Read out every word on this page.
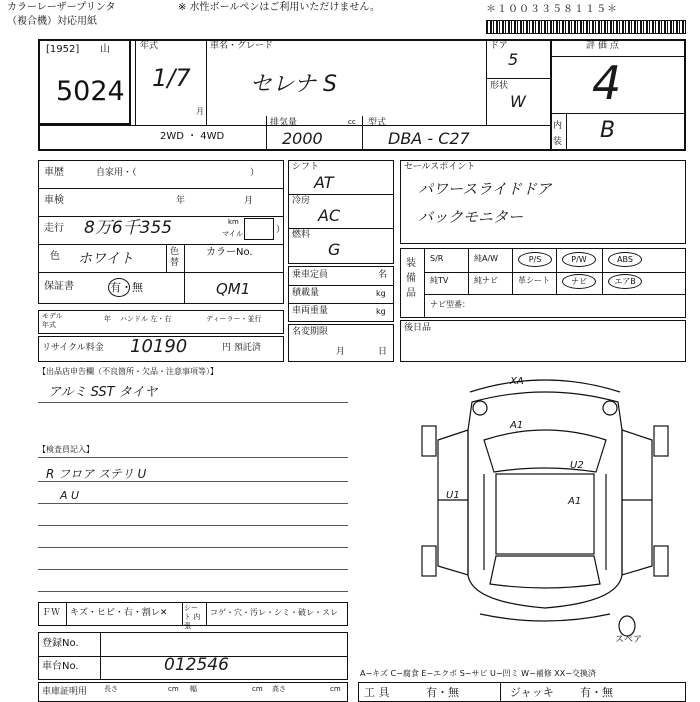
カラーレーザープリンタ
（複合機）対応用紙
※ 水性ボールペンはご利用いただけません。	＊１００３３５８１１５＊
[1952] 山
5024
年式
1/7
月
車名・グレード
セレナ S
ドア
5
形状
W
評 価 点
4
内装 B
2WD ・ 4WD
排気量	cc
2000
型式
DBA - C27
車歴	自家用・（	）
車検	年	月
走行 8万6千355	km
マイル	）
色 ホワイト	色替
カラーNo.
QM1
保証書	有・無
モデル年式
年 ハンドル 左・右	ディーラー・並行
リサイクル料金 10190	円 預託済
シフト
AT
冷房
AC
燃料
G
乗車定員	名
積載量	kg
車両重量	kg
名変期限
月	日
セールスポイント
パワースライドドア
バックモニター
装備品
S/R	純A/W	P/S	P/W	ABS
純TV	純ナビ	革シート	ナビ	エアB
ナビ型番：
後日品
【出品店申告欄（不良箇所・欠品・注意事項等）】
アルミ SST タイヤ
【検査員記入】
R フロア ステリ U
A U
ＦＷ キズ・ヒビ・右・割レ✕ シート 内張
コゲ・穴・汚レ・シミ・破レ・スレ
登録No.
車台No.	012546
車庫証明用 長さ	cm 幅	cm 高さ	cm
XA
A1
U2
U1
A1
スペア
A−キズ C−腐食 E−エクボ S−サビ U−凹ミ W−補修 XX−交換済
工 具	有・無	ジャッキ 有・無
